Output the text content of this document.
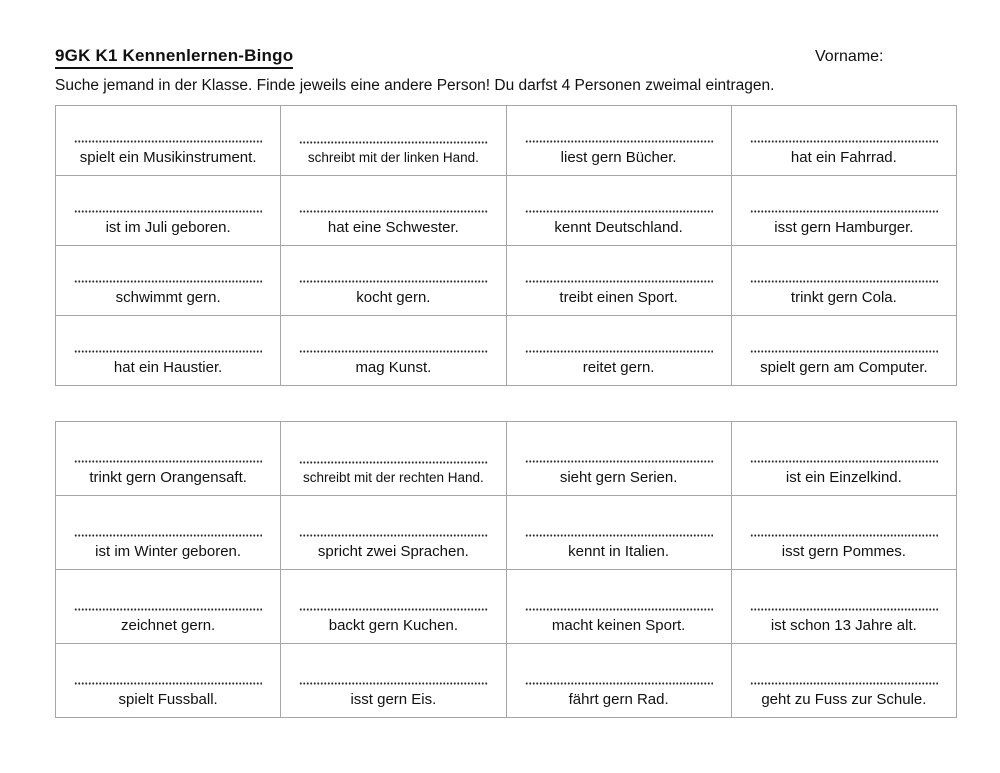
9GK K1 Kennenlernen-Bingo	Vorname:
Suche jemand in der Klasse. Finde jeweils eine andere Person! Du darfst 4 Personen zweimal eintragen.
spielt ein Musikinstrument.	schreibt mit der linken Hand.	liest gern Bücher.	hat ein Fahrrad.
ist im Juli geboren.	hat eine Schwester.	kennt Deutschland.	isst gern Hamburger.
schwimmt gern.	kocht gern.	treibt einen Sport.	trinkt gern Cola.
hat ein Haustier.	mag Kunst.	reitet gern.	spielt gern am Computer.
trinkt gern Orangensaft.	schreibt mit der rechten Hand.	sieht gern Serien.	ist ein Einzelkind.
ist im Winter geboren.	spricht zwei Sprachen.	kennt in Italien.	isst gern Pommes.
zeichnet gern.	backt gern Kuchen.	macht keinen Sport.	ist schon 13 Jahre alt.
spielt Fussball.	isst gern Eis.	fährt gern Rad.	geht zu Fuss zur Schule.
